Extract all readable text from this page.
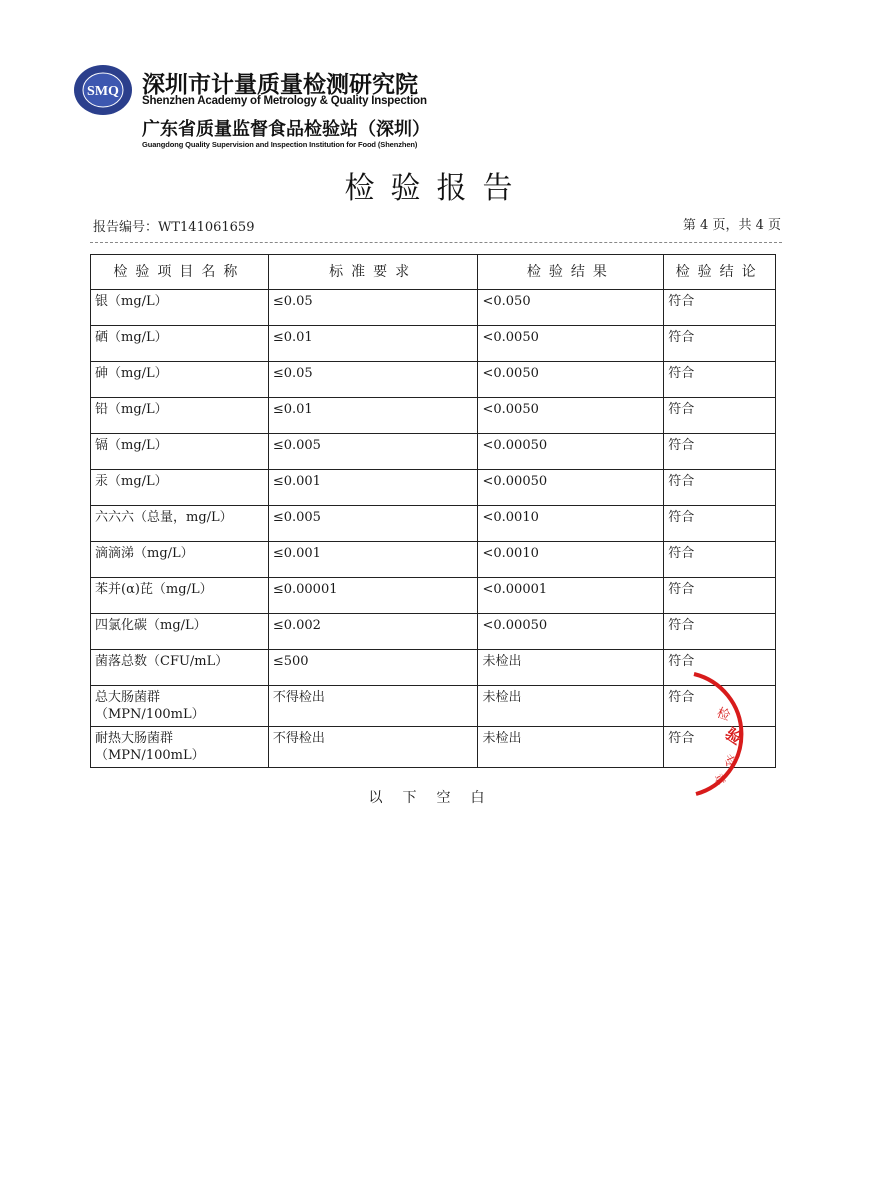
SMQ 深圳市计量质量检测研究院
Shenzhen Academy of Metrology & Quality Inspection
广东省质量监督食品检验站（深圳）
Guangdong Quality Supervision and Inspection Institution for Food (Shenzhen)
检验报告
报告编号：WT141061659	第 4 页，共 4 页
检验项目名称	标准要求	检验结果	检验结论
银（mg/L）	≤0.05	<0.050	符合
硒（mg/L）	≤0.01	<0.0050	符合
砷（mg/L）	≤0.05	<0.0050	符合
铅（mg/L）	≤0.01	<0.0050	符合
镉（mg/L）	≤0.005	<0.00050	符合
汞（mg/L）	≤0.001	<0.00050	符合
六六六（总量，mg/L）	≤0.005	<0.0010	符合
滴滴涕（mg/L）	≤0.001	<0.0010	符合
苯并(α)芘（mg/L）	≤0.00001	<0.00001	符合
四氯化碳（mg/L）	≤0.002	<0.00050	符合
菌落总数（CFU/mL）	≤500	未检出	符合
总大肠菌群
（MPN/100mL）	不得检出	未检出	符合
耐热大肠菌群
（MPN/100mL）	不得检出	未检出	符合
以下空白
检
验
专
章
